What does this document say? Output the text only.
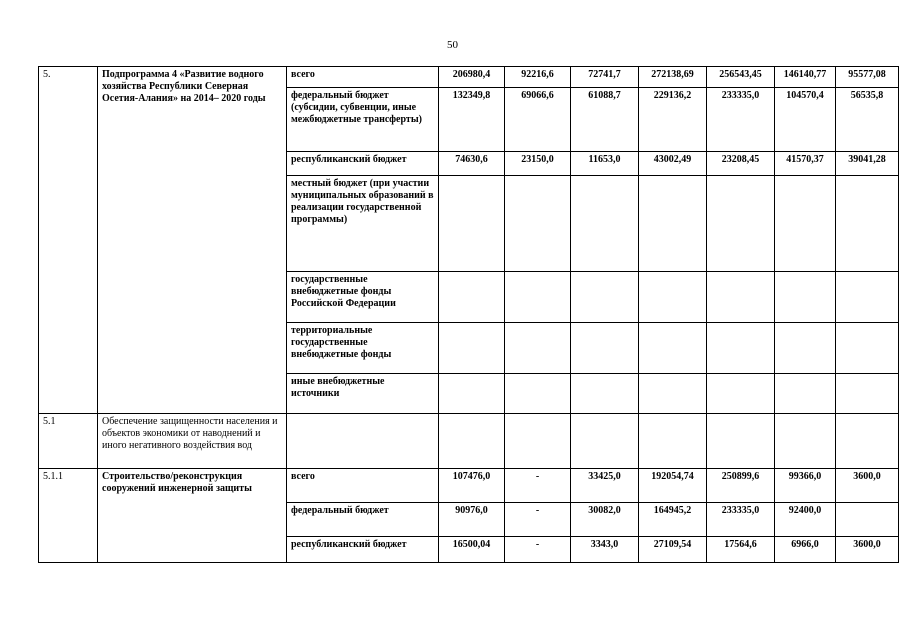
50
5.	Подпрограмма 4 «Развитие водного хозяйства Республики Северная Осетия-Алания» на 2014– 2020 годы	всего	206980,4	92216,6	72741,7	272138,69	256543,45	146140,77	95577,08
		федеральный бюджет (субсидии, субвенции, иные межбюджетные трансферты)	132349,8	69066,6	61088,7	229136,2	233335,0	104570,4	56535,8
		республиканский бюджет	74630,6	23150,0	11653,0	43002,49	23208,45	41570,37	39041,28
		местный бюджет (при участии муниципальных образований в реализации государственной программы)							
		государственные внебюджетные фонды Российской Федерации							
		территориальные государственные внебюджетные фонды							
		иные внебюджетные источники							
5.1	Обеспечение защищенности населения и объектов экономики от наводнений и иного негативного воздействия вод								
5.1.1	Строительство/реконструкция сооружений инженерной защиты	всего	107476,0	-	33425,0	192054,74	250899,6	99366,0	3600,0
		федеральный бюджет	90976,0	-	30082,0	164945,2	233335,0	92400,0	
		республиканский бюджет	16500,04	-	3343,0	27109,54	17564,6	6966,0	3600,0
